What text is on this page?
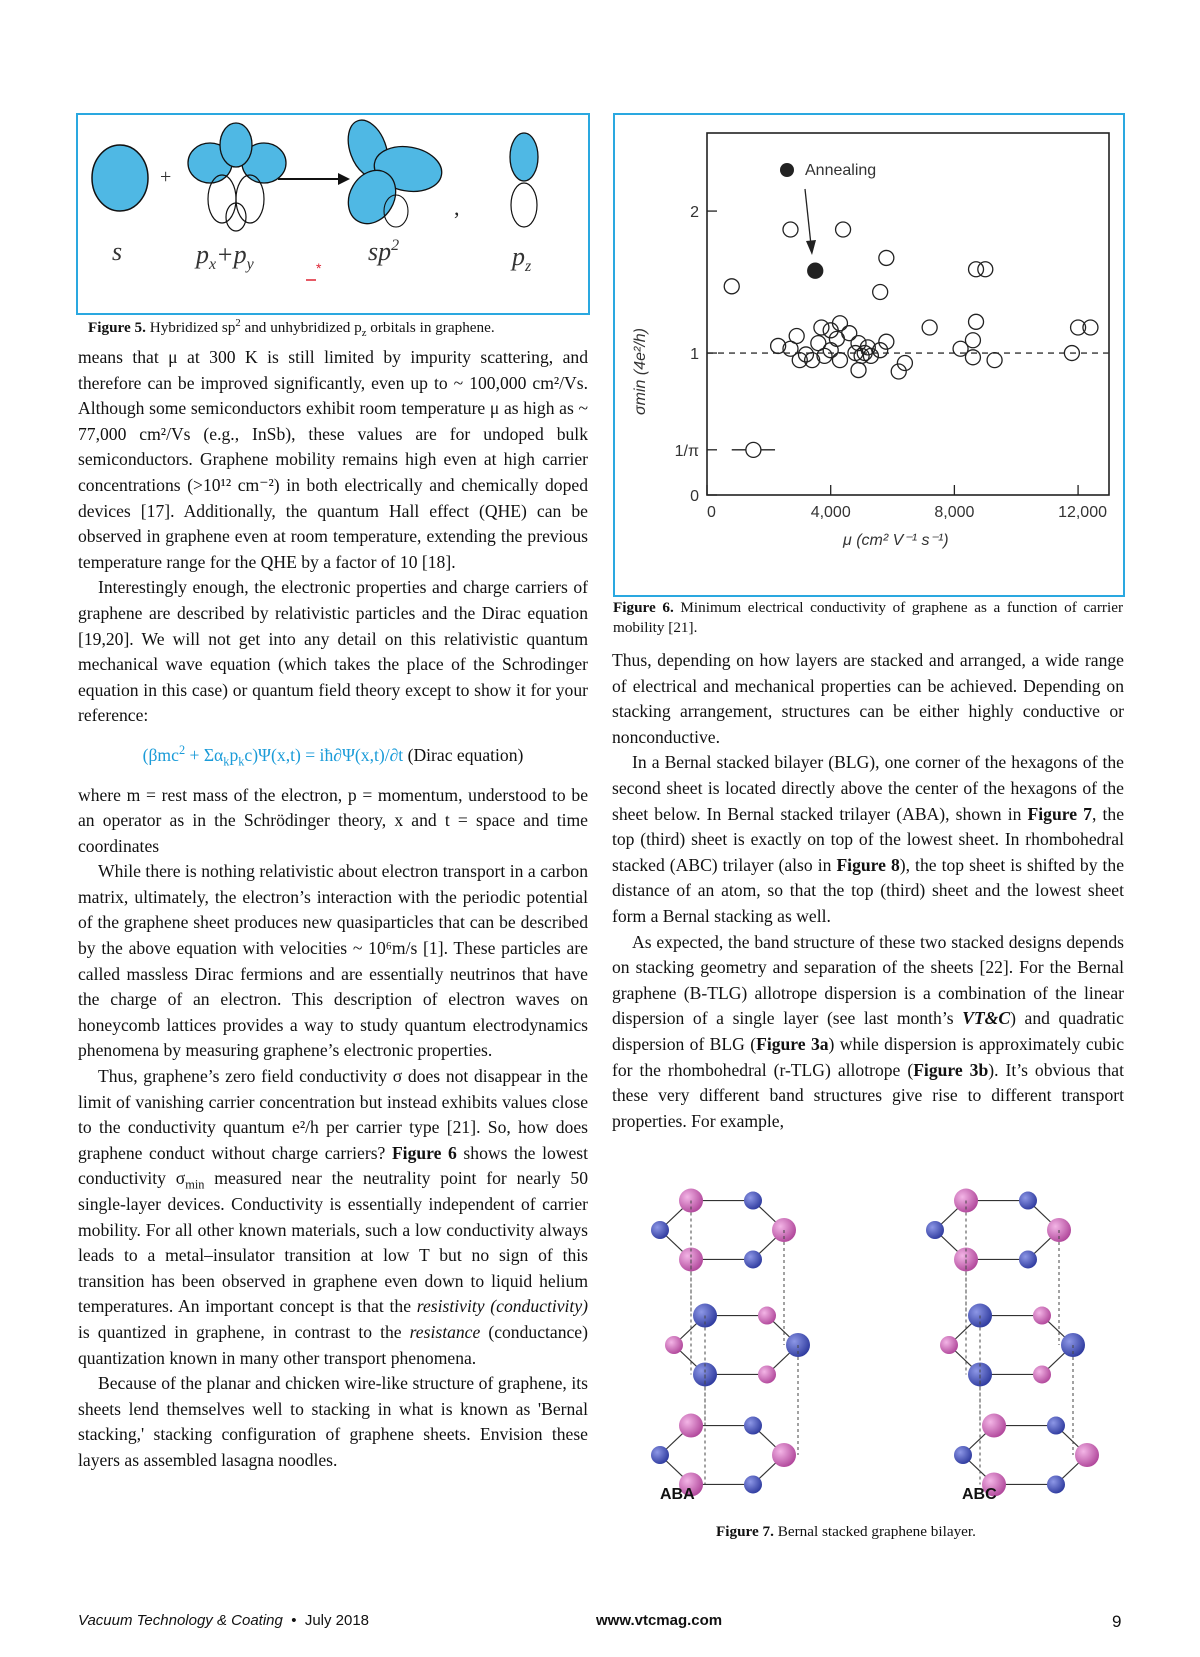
+
,
s	$p_x+p_y$	$sp^2$	$p_z$
*
Figure 5. Hybridized $sp^2$ and unhybridized $p_z$ orbitals in graphene.
Annealing
σmin (4e²/h)
μ (cm² V⁻¹ s⁻¹)
0	4,000	8,000	12,000
0
1/π
1
2
Figure 6. Minimum electrical conductivity of graphene as a function of carrier mobility [21].

means that μ at 300 K is still limited by impurity scattering, and therefore can be improved significantly, even up to ~ 100,000 cm²/Vs. Although some semiconductors exhibit room temperature μ as high as ~ 77,000 cm²/Vs (e.g., InSb), these values are for undoped bulk semiconductors. Graphene mobility remains high even at high carrier concentrations (>10¹² cm⁻²) in both electrically and chemically doped devices [17]. Additionally, the quantum Hall effect (QHE) can be observed in graphene even at room temperature, extending the previous temperature range for the QHE by a factor of 10 [18].

Interestingly enough, the electronic properties and charge carriers of graphene are described by relativistic particles and the Dirac equation [19,20]. We will not get into any detail on this relativistic quantum mechanical wave equation (which takes the place of the Schrodinger equation in this case) or quantum field theory except to show it for your reference:

$(\beta mc^2 + \Sigma\alpha_kp_kc)\Psi(x,t)$ = iħ∂Ψ(x,t)/∂t (Dirac equation)

where m = rest mass of the electron, p = momentum, understood to be an operator as in the Schrödinger theory, x and t = space and time coordinates

While there is nothing relativistic about electron transport in a carbon matrix, ultimately, the electron’s interaction with the periodic potential of the graphene sheet produces new quasiparticles that can be described by the above equation with velocities ~ 10⁶m/s [1]. These particles are called massless Dirac fermions and are essentially neutrinos that have the charge of an electron. This description of electron waves on honeycomb lattices provides a way to study quantum electrodynamics phenomena by measuring graphene’s electronic properties.

Thus, graphene’s zero field conductivity σ does not disappear in the limit of vanishing carrier concentration but instead exhibits values close to the conductivity quantum e²/h per carrier type [21]. So, how does graphene conduct without charge carriers? Figure 6 shows the lowest conductivity $\sigma_{min}$ measured near the neutrality point for nearly 50 single-layer devices. Conductivity is essentially independent of carrier mobility. For all other known materials, such a low conductivity always leads to a metal–insulator transition at low T but no sign of this transition has been observed in graphene even down to liquid helium temperatures. An important concept is that the resistivity (conductivity) is quantized in graphene, in contrast to the resistance (conductance) quantization known in many other transport phenomena.

Because of the planar and chicken wire-like structure of graphene, its sheets lend themselves well to stacking in what is known as 'Bernal stacking,' stacking configuration of graphene sheets. Envision these layers as assembled lasagna noodles.

Thus, depending on how layers are stacked and arranged, a wide range of electrical and mechanical properties can be achieved. Depending on stacking arrangement, structures can be either highly conductive or nonconductive.

In a Bernal stacked bilayer (BLG), one corner of the hexagons of the second sheet is located directly above the center of the hexagons of the sheet below. In Bernal stacked trilayer (ABA), shown in Figure 7, the top (third) sheet is exactly on top of the lowest sheet. In rhombohedral stacked (ABC) trilayer (also in Figure 8), the top sheet is shifted by the distance of an atom, so that the top (third) sheet and the lowest sheet form a Bernal stacking as well.

As expected, the band structure of these two stacked designs depends on stacking geometry and separation of the sheets [22]. For the Bernal graphene (B-TLG) allotrope dispersion is a combination of the linear dispersion of a single layer (see last month’s VT&C) and quadratic dispersion of BLG (Figure 3a) while dispersion is approximately cubic for the rhombohedral (r-TLG) allotrope (Figure 3b). It’s obvious that these very different band structures give rise to different transport properties. For example,

ABA	ABC
Figure 7. Bernal stacked graphene bilayer.
Vacuum Technology & Coating • July 2018	www.vtcmag.com	9
